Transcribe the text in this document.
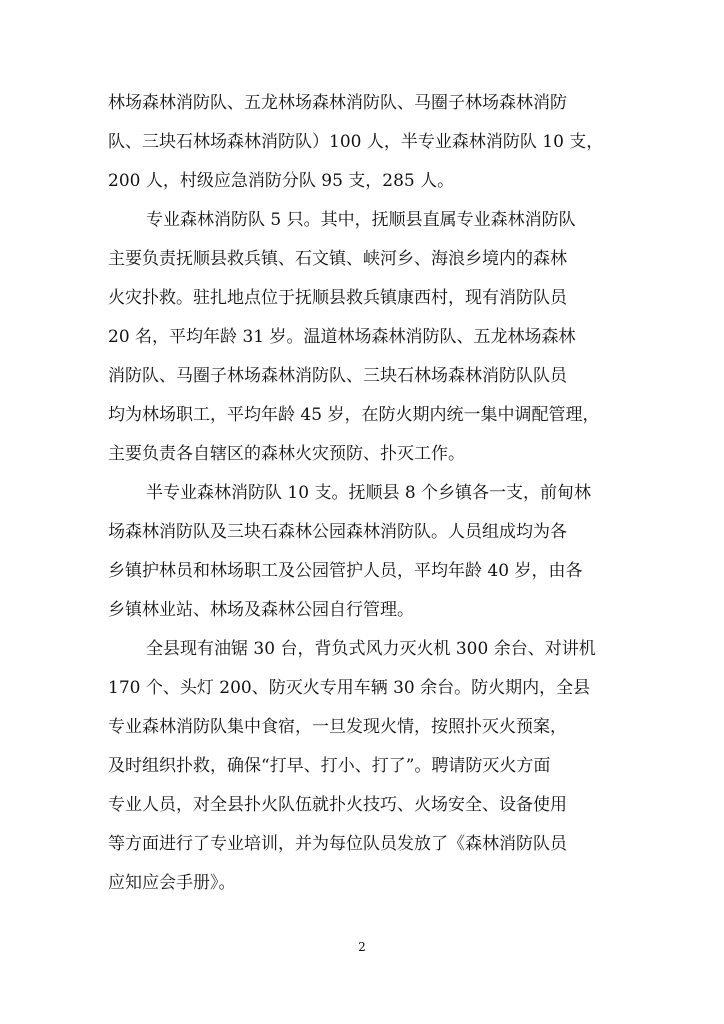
林场森林消防队、五龙林场森林消防队、马圈子林场森林消防
队、三块石林场森林消防队）100 人，半专业森林消防队 10 支，
200 人，村级应急消防分队 95 支，285 人。
专业森林消防队 5 只。其中，抚顺县直属专业森林消防队
主要负责抚顺县救兵镇、石文镇、峡河乡、海浪乡境内的森林
火灾扑救。驻扎地点位于抚顺县救兵镇康西村，现有消防队员
20 名，平均年龄 31 岁。温道林场森林消防队、五龙林场森林
消防队、马圈子林场森林消防队、三块石林场森林消防队队员
均为林场职工，平均年龄 45 岁，在防火期内统一集中调配管理，
主要负责各自辖区的森林火灾预防、扑灭工作。
半专业森林消防队 10 支。抚顺县 8 个乡镇各一支，前甸林
场森林消防队及三块石森林公园森林消防队。人员组成均为各
乡镇护林员和林场职工及公园管护人员，平均年龄 40 岁，由各
乡镇林业站、林场及森林公园自行管理。
全县现有油锯 30 台，背负式风力灭火机 300 余台、对讲机
170 个、头灯 200、防灭火专用车辆 30 余台。防火期内，全县
专业森林消防队集中食宿，一旦发现火情，按照扑灭火预案，
及时组织扑救，确保“打早、打小、打了”。聘请防灭火方面
专业人员，对全县扑火队伍就扑火技巧、火场安全、设备使用
等方面进行了专业培训，并为每位队员发放了《森林消防队员
应知应会手册》。
2
